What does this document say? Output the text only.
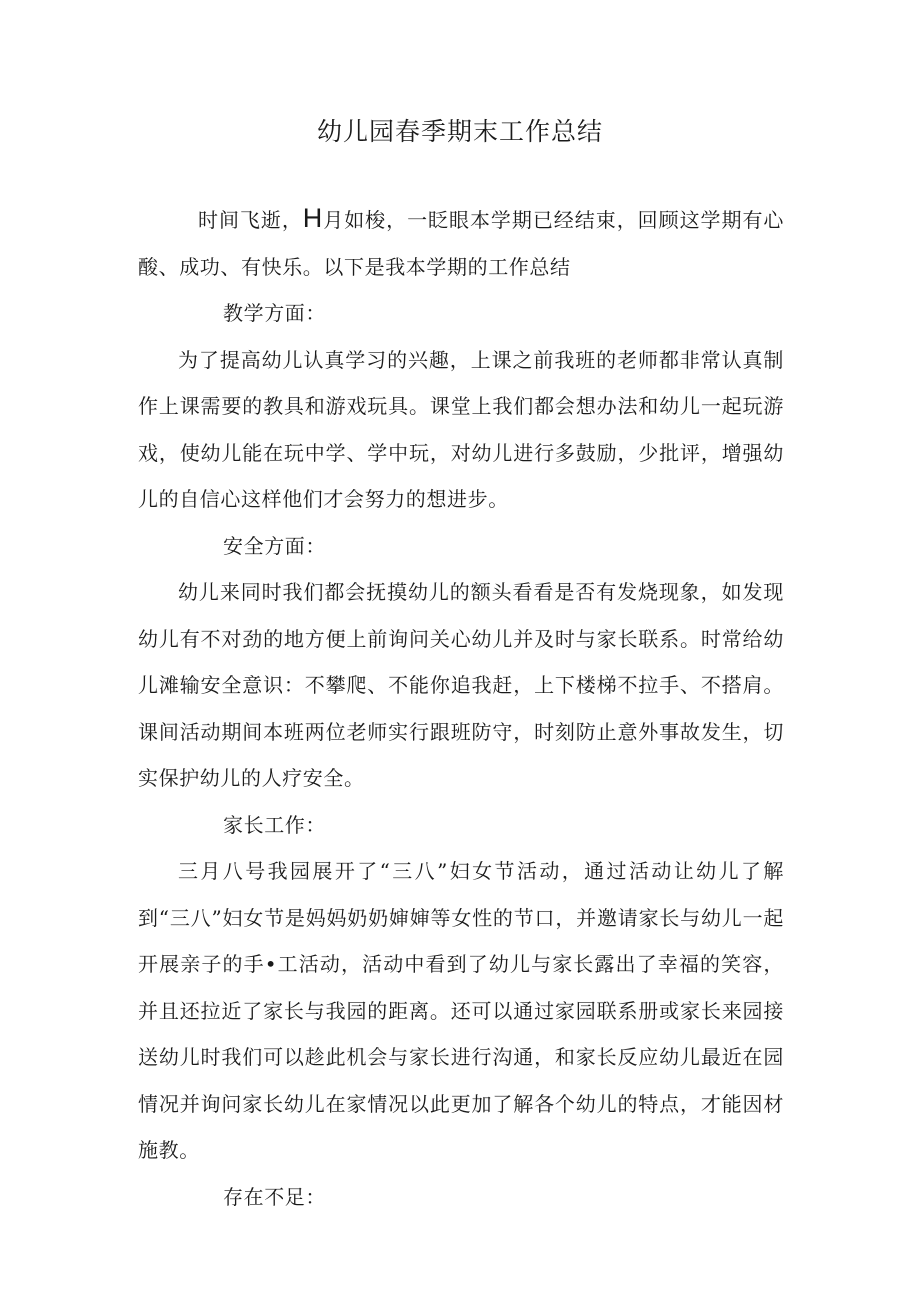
幼儿园春季期末工作总结

时间飞逝，H月如梭，一眨眼本学期已经结束，回顾这学期有心酸、成功、有快乐。以下是我本学期的工作总结

教学方面：

为了提高幼儿认真学习的兴趣，上课之前我班的老师都非常认真制作上课需要的教具和游戏玩具。课堂上我们都会想办法和幼儿一起玩游戏，使幼儿能在玩中学、学中玩，对幼儿进行多鼓励，少批评，增强幼儿的自信心这样他们才会努力的想进步。

安全方面：

幼儿来同时我们都会抚摸幼儿的额头看看是否有发烧现象，如发现幼儿有不对劲的地方便上前询问关心幼儿并及时与家长联系。时常给幼儿滩输安全意识：不攀爬、不能你追我赶，上下楼梯不拉手、不搭肩。课间活动期间本班两位老师实行跟班防守，时刻防止意外事故发生，切实保护幼儿的人疗安全。

家长工作：

三月八号我园展开了“三八”妇女节活动，通过活动让幼儿了解到“三八”妇女节是妈妈奶奶婶婶等女性的节口，并邀请家长与幼儿一起开展亲子的手•工活动，活动中看到了幼儿与家长露出了幸福的笑容，并且还拉近了家长与我园的距离。还可以通过家园联系册或家长来园接送幼儿时我们可以趁此机会与家长进行沟通，和家长反应幼儿最近在园情况并询问家长幼儿在家情况以此更加了解各个幼儿的特点，才能因材施教。

存在不足：
